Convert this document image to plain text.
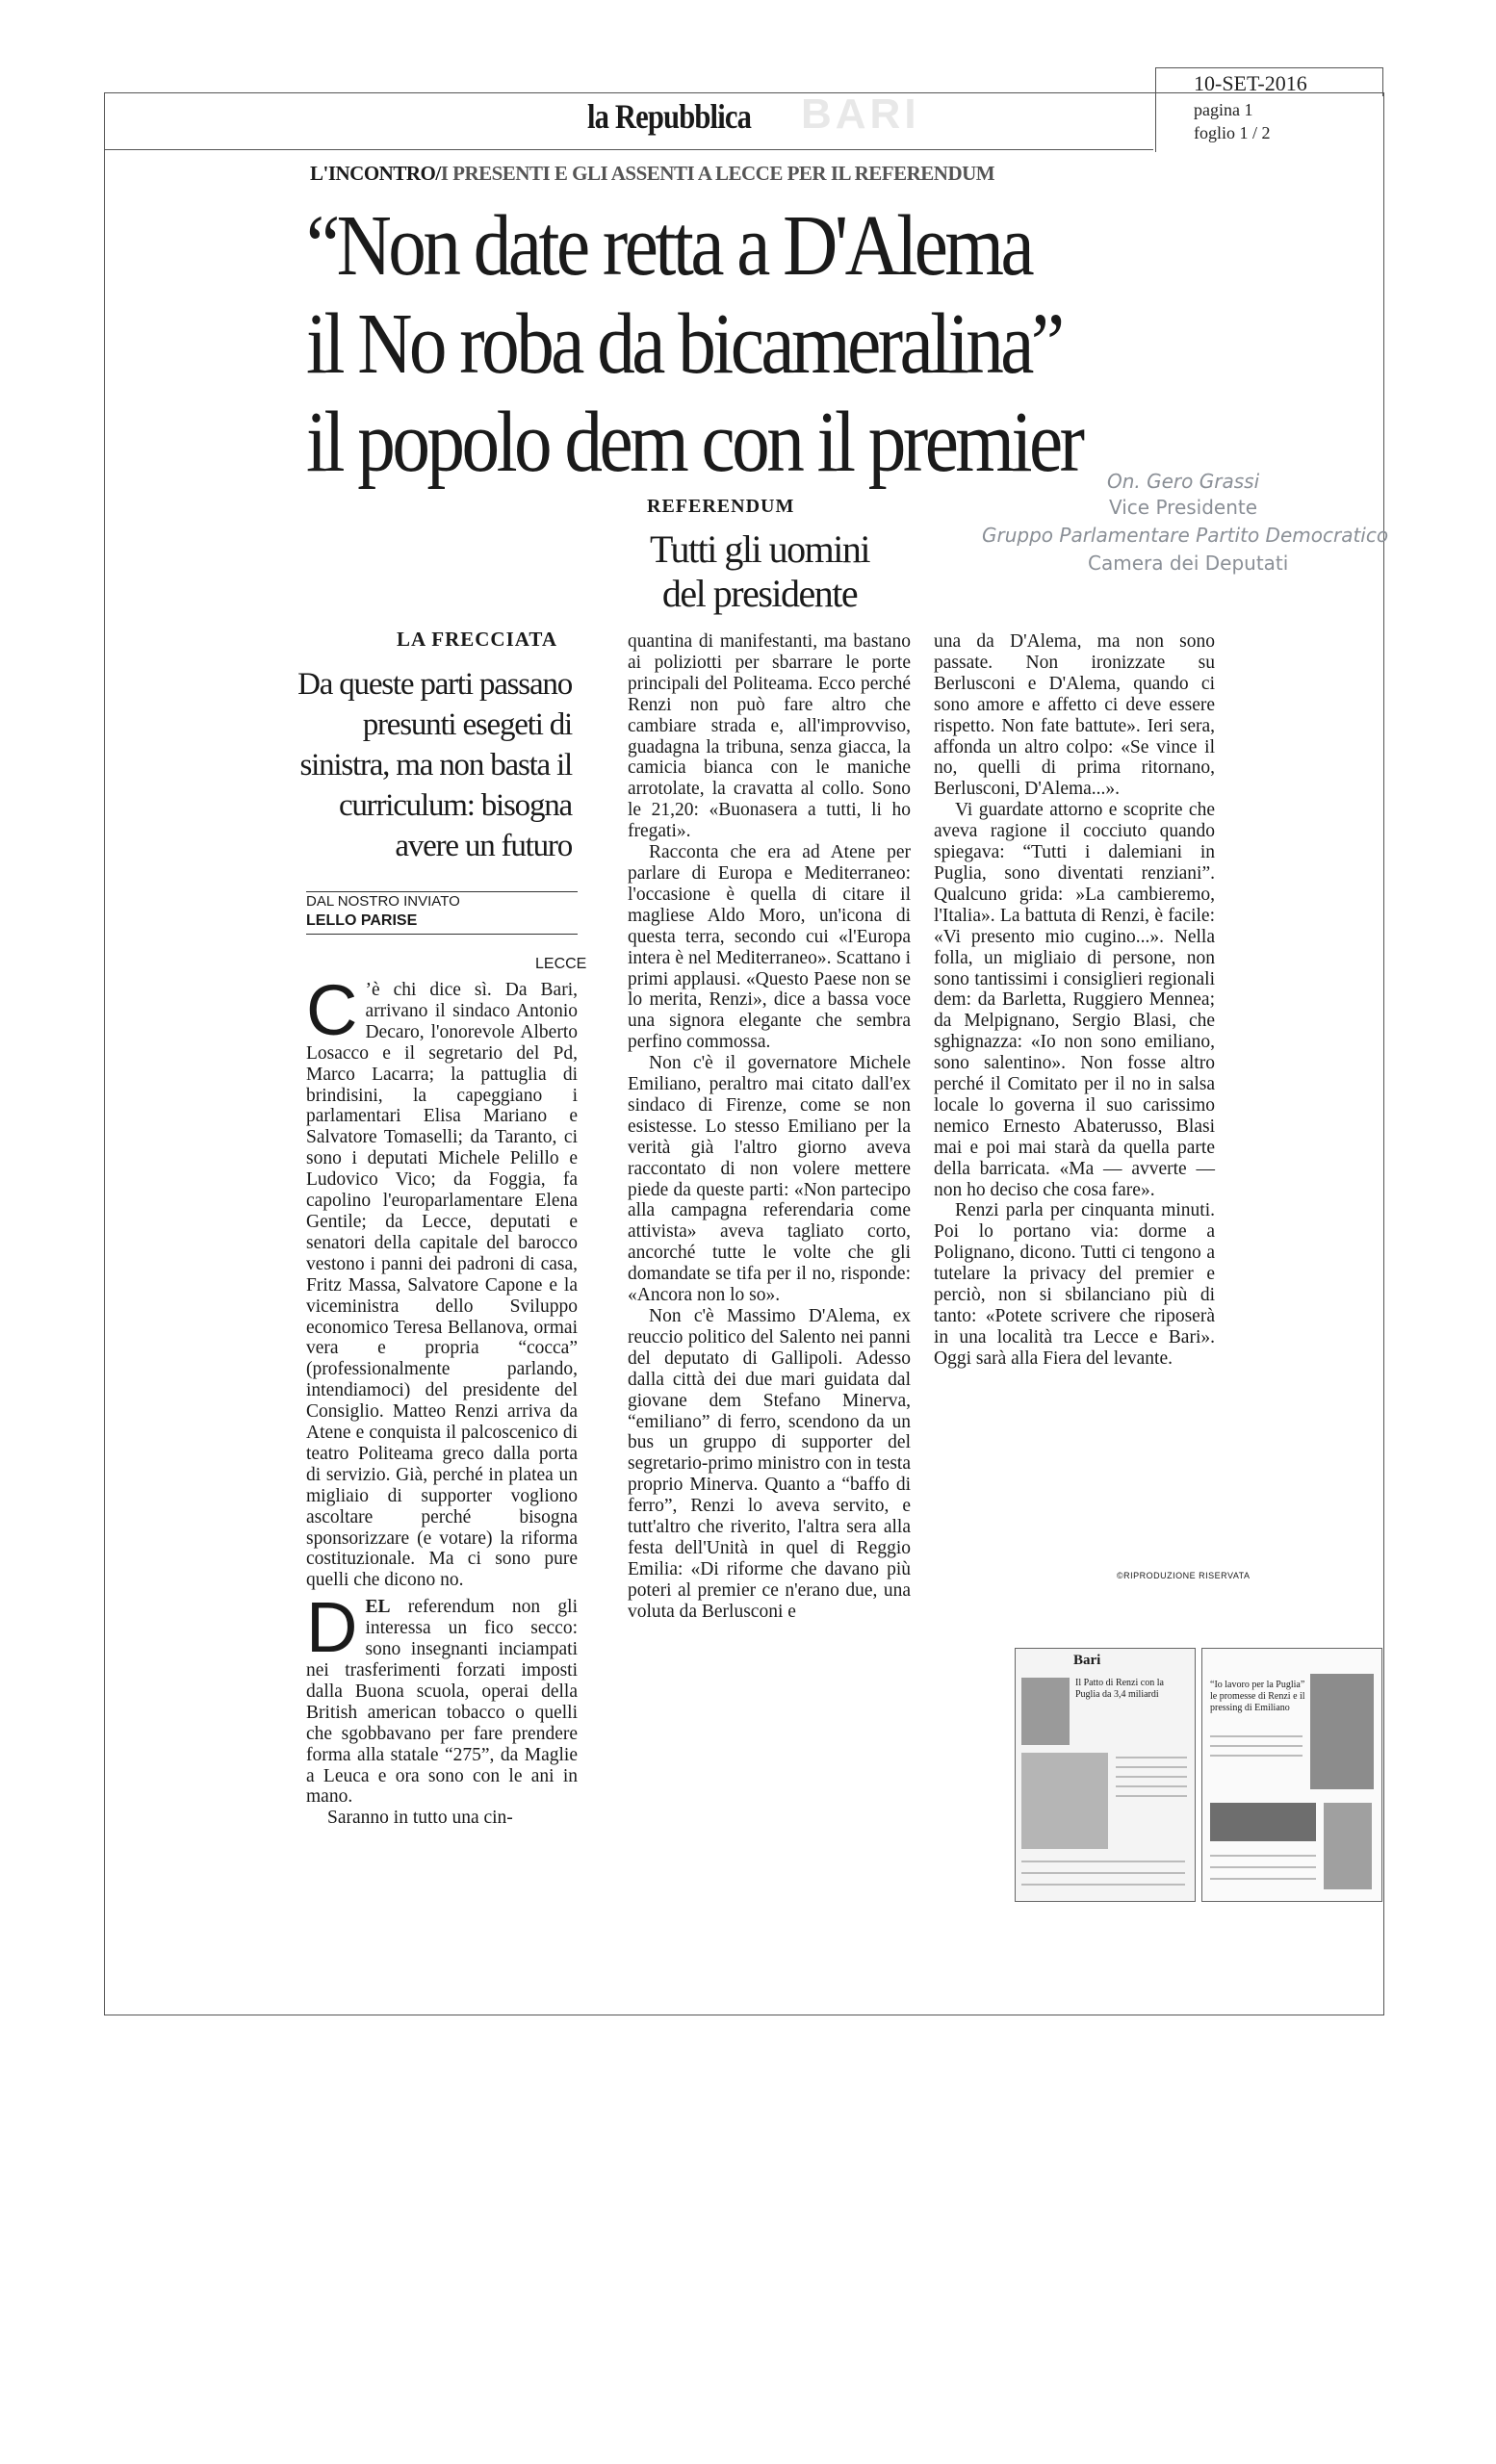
la Repubblica BARI
10-SET-2016
pagina 1
foglio 1 / 2
L'INCONTRO/I PRESENTI E GLI ASSENTI A LECCE PER IL REFERENDUM
“Non date retta a D'Alema
il No roba da bicameralina”
il popolo dem con il premier On. Gero Grassi
Vice Presidente
Gruppo Parlamentare Partito Democratico
Camera dei Deputati
REFERENDUM
Tutti gli uomini del presidente
LA FRECCIATA
Da queste parti passano presunti esegeti di sinistra, ma non basta il curriculum: bisogna avere un futuro
DAL NOSTRO INVIATO
LELLO PARISE
LECCE

C ’è chi dice sì. Da Bari, arrivano il sindaco Antonio Decaro, l'onorevole Alberto Losacco e il segretario del Pd, Marco Lacarra; la pattuglia di brindisini, la capeggiano i parlamentari Elisa Mariano e Salvatore Tomaselli; da Taranto, ci sono i deputati Michele Pelillo e Ludovico Vico; da Foggia, fa capolino l'europarlamentare Elena Gentile; da Lecce, deputati e senatori della capitale del barocco vestono i panni dei padroni di casa, Fritz Massa, Salvatore Capone e la viceministra dello Sviluppo economico Teresa Bellanova, ormai vera e propria “cocca” (professionalmente parlando, intendiamoci) del presidente del Consiglio. Matteo Renzi arriva da Atene e conquista il palcoscenico di teatro Politeama greco dalla porta di servizio. Già, perché in platea un migliaio di supporter vogliono ascoltare perché bisogna sponsorizzare (e votare) la riforma costituzionale. Ma ci sono pure quelli che dicono no.

DEL referendum non gli interessa un fico secco: sono insegnanti inciampati nei trasferimenti forzati imposti dalla Buona scuola, operai della British american tobacco o quelli che sgobbavano per fare prendere forma alla statale “275”, da Maglie a Leuca e ora sono con le ani in mano.

Saranno in tutto una cin-

quantina di manifestanti, ma bastano ai poliziotti per sbarrare le porte principali del Politeama. Ecco perché Renzi non può fare altro che cambiare strada e, all'improvviso, guadagna la tribuna, senza giacca, la camicia bianca con le maniche arrotolate, la cravatta al collo. Sono le 21,20: «Buonasera a tutti, li ho fregati».

Racconta che era ad Atene per parlare di Europa e Mediterraneo: l'occasione è quella di citare il magliese Aldo Moro, un'icona di questa terra, secondo cui «l'Europa intera è nel Mediterraneo». Scattano i primi applausi. «Questo Paese non se lo merita, Renzi», dice a bassa voce una signora elegante che sembra perfino commossa.

Non c'è il governatore Michele Emiliano, peraltro mai citato dall'ex sindaco di Firenze, come se non esistesse. Lo stesso Emiliano per la verità già l'altro giorno aveva raccontato di non volere mettere piede da queste parti: «Non partecipo alla campagna referendaria come attivista» aveva tagliato corto, ancorché tutte le volte che gli domandate se tifa per il no, risponde: «Ancora non lo so».

Non c'è Massimo D'Alema, ex reuccio politico del Salento nei panni del deputato di Gallipoli. Adesso dalla città dei due mari guidata dal giovane dem Stefano Minerva, “emiliano” di ferro, scendono da un bus un gruppo di supporter del segretario-primo ministro con in testa proprio Minerva. Quanto a “baffo di ferro”, Renzi lo aveva servito, e tutt'altro che riverito, l'altra sera alla festa dell'Unità in quel di Reggio Emilia: «Di riforme che davano più poteri al premier ce n'erano due, una voluta da Berlusconi e

una da D'Alema, ma non sono passate. Non ironizzate su Berlusconi e D'Alema, quando ci sono amore e affetto ci deve essere rispetto. Non fate battute». Ieri sera, affonda un altro colpo: «Se vince il no, quelli di prima ritornano, Berlusconi, D'Alema...».

Vi guardate attorno e scoprite che aveva ragione il cocciuto quando spiegava: “Tutti i dalemiani in Puglia, sono diventati renziani”. Qualcuno grida: »La cambieremo, l'Italia». La battuta di Renzi, è facile: «Vi presento mio cugino...». Nella folla, un migliaio di persone, non sono tantissimi i consiglieri regionali dem: da Barletta, Ruggiero Mennea; da Melpignano, Sergio Blasi, che sghignazza: «Io non sono emiliano, sono salentino». Non fosse altro perché il Comitato per il no in salsa locale lo governa il suo carissimo nemico Ernesto Abaterusso, Blasi mai e poi mai starà da quella parte della barricata. «Ma — avverte — non ho deciso che cosa fare».

Renzi parla per cinquanta minuti. Poi lo portano via: dorme a Polignano, dicono. Tutti ci tengono a tutelare la privacy del premier e perciò, non si sbilanciano più di tanto: «Potete scrivere che riposerà in una località tra Lecce e Bari». Oggi sarà alla Fiera del levante.

©RIPRODUZIONE RISERVATA
Bari
Il Patto di Renzi con la Puglia da 3,4 miliardi
“Io lavoro per la Puglia” le promesse di Renzi e il pressing di Emiliano
